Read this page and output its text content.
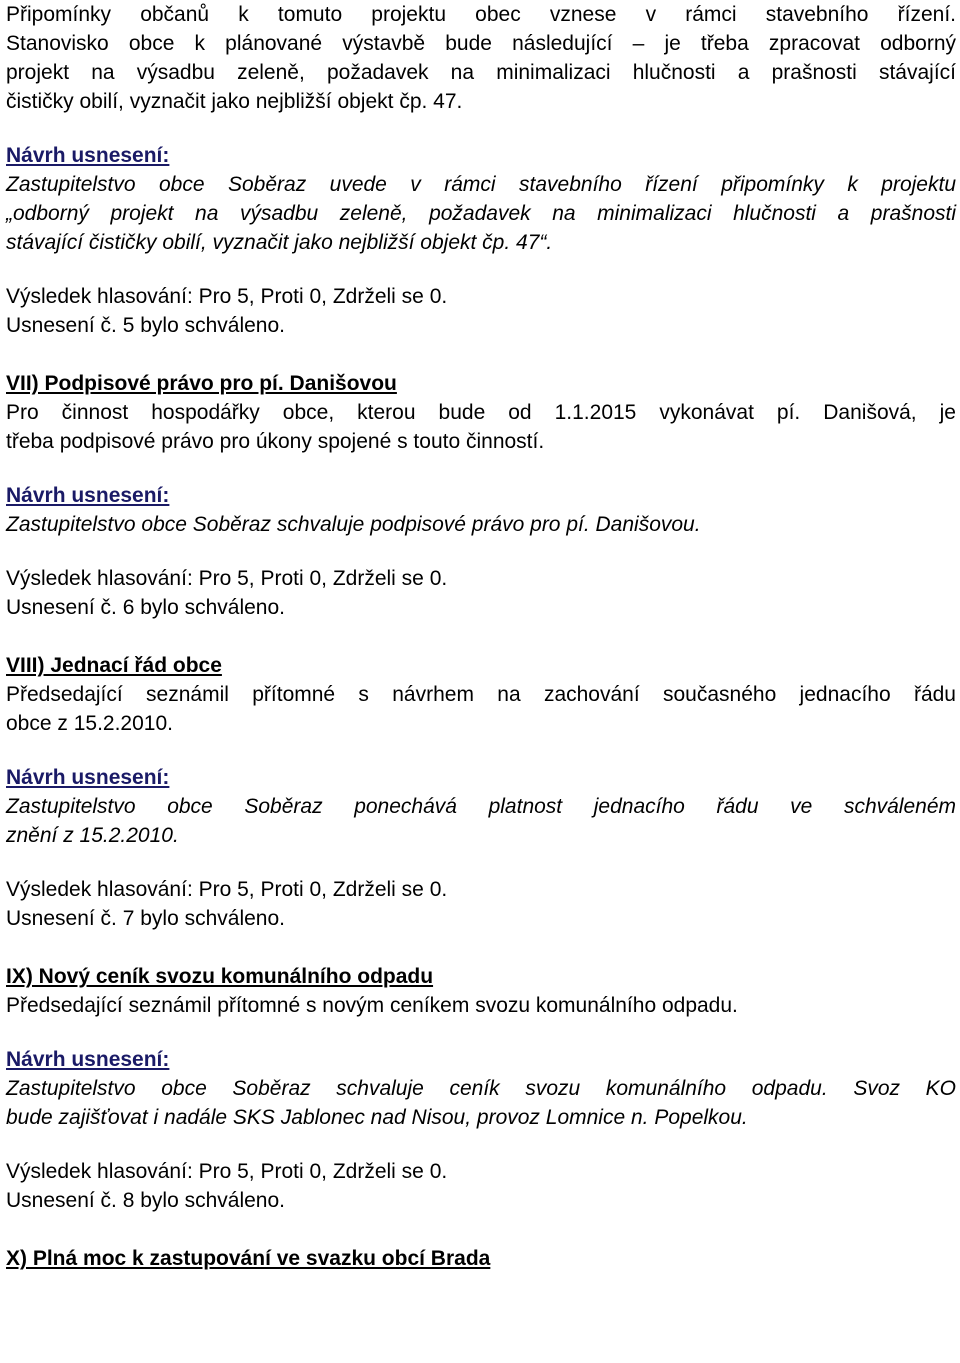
Připomínky občanů k tomuto projektu obec vznese v rámci stavebního řízení.

Stanovisko obce k plánované výstavbě bude následující – je třeba zpracovat odborný

projekt na výsadbu zeleně, požadavek na minimalizaci hlučnosti a prašnosti stávající

čističky obilí, vyznačit jako nejbližší objekt čp. 47.

Návrh usnesení:

Zastupitelstvo obce Soběraz uvede v rámci stavebního řízení připomínky k projektu

„odborný projekt na výsadbu zeleně, požadavek na minimalizaci hlučnosti a prašnosti

stávající čističky obilí, vyznačit jako nejbližší objekt čp. 47“.

Výsledek hlasování: Pro 5, Proti 0, Zdrželi se 0.

Usnesení č. 5 bylo schváleno.

VII) Podpisové právo pro pí. Danišovou

Pro činnost hospodářky obce, kterou bude od 1.1.2015 vykonávat pí. Danišová, je

třeba podpisové právo pro úkony spojené s touto činností.

Návrh usnesení:

Zastupitelstvo obce Soběraz schvaluje podpisové právo pro pí. Danišovou.

Výsledek hlasování: Pro 5, Proti 0, Zdrželi se 0.

Usnesení č. 6 bylo schváleno.

VIII) Jednací řád obce

Předsedající seznámil přítomné s návrhem na zachování současného jednacího řádu

obce z 15.2.2010.

Návrh usnesení:

Zastupitelstvo obce Soběraz ponechává platnost jednacího řádu ve schváleném

znění z 15.2.2010.

Výsledek hlasování: Pro 5, Proti 0, Zdrželi se 0.

Usnesení č. 7 bylo schváleno.

IX) Nový ceník svozu komunálního odpadu

Předsedající seznámil přítomné s novým ceníkem svozu komunálního odpadu.

Návrh usnesení:

Zastupitelstvo obce Soběraz schvaluje ceník svozu komunálního odpadu. Svoz KO

bude zajišťovat i nadále SKS Jablonec nad Nisou, provoz Lomnice n. Popelkou.

Výsledek hlasování: Pro 5, Proti 0, Zdrželi se 0.

Usnesení č. 8 bylo schváleno.

X) Plná moc k zastupování ve svazku obcí Brada
